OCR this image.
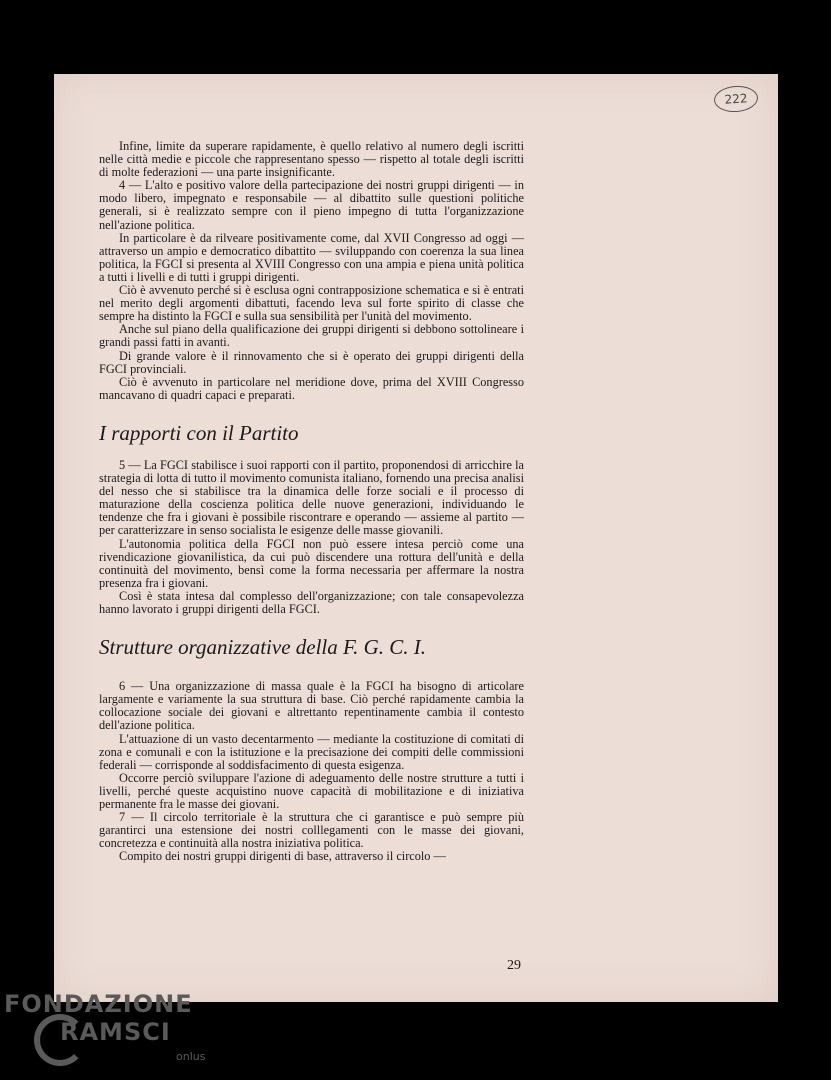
222

Infine, limite da superare rapidamente, è quello relativo al numero degli iscritti nelle città medie e piccole che rappresentano spesso — rispetto al totale degli iscritti di molte federazioni — una parte insignificante.

4 — L'alto e positivo valore della partecipazione dei nostri gruppi dirigenti — in modo libero, impegnato e responsabile — al dibattito sulle questioni politiche generali, si è realizzato sempre con il pieno impegno di tutta l'organizzazione nell'azione politica.

In particolare è da rilveare positivamente come, dal XVII Congresso ad oggi — attraverso un ampio e democratico dibattito — sviluppando con coerenza la sua linea politica, la FGCI si presenta al XVIII Congresso con una ampia e piena unità politica a tutti i livelli e di tutti i gruppi dirigenti.

Ciò è avvenuto perché si è esclusa ogni contrapposizione schematica e si è entrati nel merito degli argomenti dibattuti, facendo leva sul forte spirito di classe che sempre ha distinto la FGCI e sulla sua sensibilità per l'unità del movimento.

Anche sul piano della qualificazione dei gruppi dirigenti si debbono sottolineare i grandi passi fatti in avanti.

Di grande valore è il rinnovamento che si è operato dei gruppi dirigenti della FGCI provinciali.

Ciò è avvenuto in particolare nel meridione dove, prima del XVIII Congresso mancavano di quadri capaci e preparati.

I rapporti con il Partito

5 — La FGCI stabilisce i suoi rapporti con il partito, proponendosi di arricchire la strategia di lotta di tutto il movimento comunista italiano, fornendo una precisa analisi del nesso che si stabilisce tra la dinamica delle forze sociali e il processo di maturazione della coscienza politica delle nuove generazioni, individuando le tendenze che fra i giovani è possibile riscontrare e operando — assieme al partito — per caratterizzare in senso socialista le esigenze delle masse giovanili.

L'autonomia politica della FGCI non può essere intesa perciò come una rivendicazione giovanilistica, da cui può discendere una rottura dell'unità e della continuità del movimento, bensì come la forma necessaria per affermare la nostra presenza fra i giovani.

Così è stata intesa dal complesso dell'organizzazione; con tale consapevolezza hanno lavorato i gruppi dirigenti della FGCI.

Strutture organizzative della F. G. C. I.

6 — Una organizzazione di massa quale è la FGCI ha bisogno di articolare largamente e variamente la sua struttura di base. Ciò perché rapidamente cambia la collocazione sociale dei giovani e altrettanto repentinamente cambia il contesto dell'azione politica.

L'attuazione di un vasto decentarmento — mediante la costituzione di comitati di zona e comunali e con la istituzione e la precisazione dei compiti delle commissioni federali — corrisponde al soddisfacimento di questa esigenza.

Occorre perciò sviluppare l'azione di adeguamento delle nostre strutture a tutti i livelli, perché queste acquistino nuove capacità di mobilitazione e di iniziativa permanente fra le masse dei giovani.

7 — Il circolo territoriale è la struttura che ci garantisce e può sempre più garantirci una estensione dei nostri colllegamenti con le masse dei giovani, concretezza e continuità alla nostra iniziativa politica.

Compito dei nostri gruppi dirigenti di base, attraverso il circolo —

29
FONDAZIONE
RAMSCI
onlus
